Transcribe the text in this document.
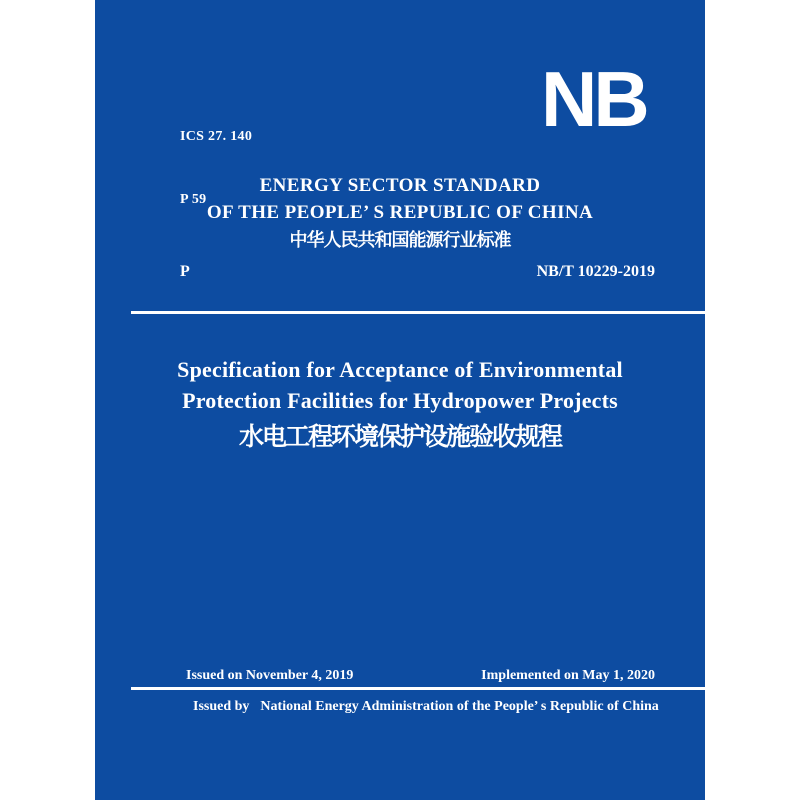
ICS 27. 140

P 59

NB
ENERGY SECTOR STANDARD
OF THE PEOPLE’ S REPUBLIC OF CHINA
中华人民共和国能源行业标准
P	NB/T 10229-2019
Specification for Acceptance of Environmental
Protection Facilities for Hydropower Projects
水电工程环境保护设施验收规程
Issued on November 4, 2019	Implemented on May 1, 2020
Issued by National Energy Administration of the People’ s Republic of China
